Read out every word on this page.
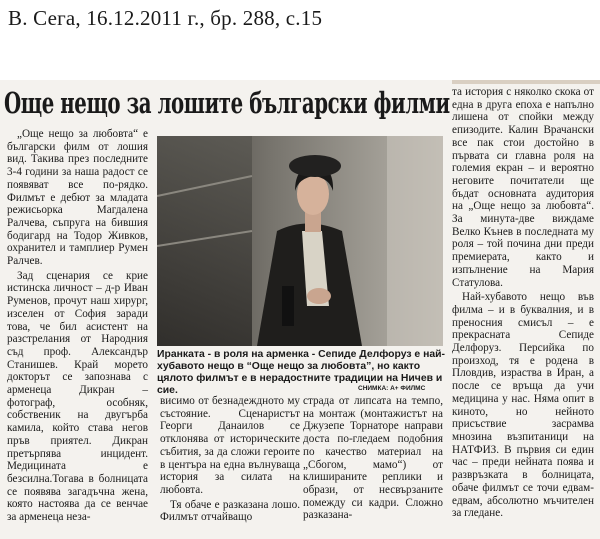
В. Сега, 16.12.2011 г., бр. 288, с.15
Още нещо за лошите български филми

„Още нещо за любовта“ е български филм от лошия вид. Такива през последните 3-4 години за наша радост се появяват все по-рядко. Филмът е дебют за младата режисьорка Магдалена Ралчева, съпруга на бившия бодигард на Тодор Живков, охранител и тамплиер Румен Ралчев.

Зад сценария се крие истинска личност – д-р Иван Руменов, прочут наш хирург, изселен от София заради това, че бил асистент на разстрелания от Народния съд проф. Александър Станишев. Край морето докторът се запознава с арменеца Дикран – фотограф, особняк, собственик на двугърба камила, който става негов пръв приятел. Дикран претърпява инцидент. Медицината е безсилна.Тогава в болницата се появява загадъчна жена, която настоява да се венчае за арменеца неза-

Иранката - в роля на арменка - Сепиде Делфоруз е най-хубавото нещо в “Още нещо за любовта”, но както цялото филмът е в нерадостните традиции на Ничев и сие.	СНИМКА: А+ ФИЛМС

висимо от безнадеждното му състояние. Сценаристът Георги Данаилов се отклонява от историческите събития, за да сложи героите в центъра на една вълнуваща история за силата на любовта.

Тя обаче е разказана лошо. Филмът отчайващо

страда от липсата на темпо, на монтаж (монтажистът на Джузепе Торнаторе направи доста по-гледаем подобния по качество материал на „Сбогом, мамо“) от клишираните реплики и образи, от несвързаните помежду си кадри. Сложно разказана-

та история с няколко скока от една в друга епоха е напълно лишена от спойки между епизодите. Калин Врачански все пак стои достойно в първата си главна роля на големия екран – и вероятно неговите почитатели ще бъдат основната аудитория на „Още нещо за любовта“. За минута-две виждаме Велко Кънев в последната му роля – той почина дни преди премиерата, както и изпълнение на Мария Статулова.

Най-хубавото нещо във филма – и в буквалния, и в преносния смисъл – е прекрасната Сепиде Делфоруз. Персийка по произход, тя е родена в Пловдив, израства в Иран, а после се връща да учи медицина у нас. Няма опит в киното, но нейното присъствие засрамва мнозина възпитаници на НАТФИЗ. В първия си един час – преди нейната поява и развръзката в болницата, обаче филмът се точи едвам-едвам, абсолютно мъчителен за гледане.
